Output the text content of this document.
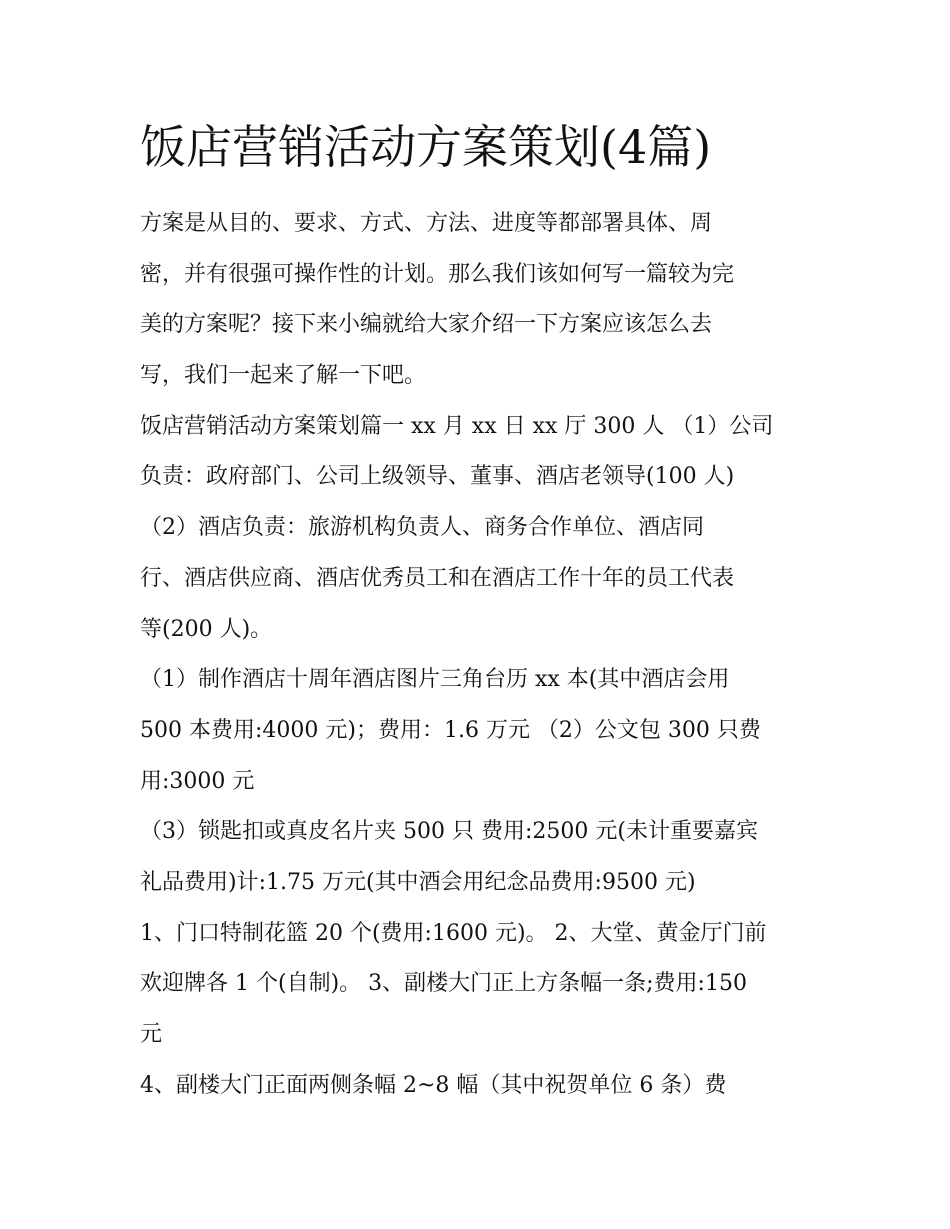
饭店营销活动方案策划(4篇)
方案是从目的、要求、方式、方法、进度等都部署具体、周
密，并有很强可操作性的计划。那么我们该如何写一篇较为完
美的方案呢？接下来小编就给大家介绍一下方案应该怎么去
写，我们一起来了解一下吧。
饭店营销活动方案策划篇一 xx 月 xx 日 xx 厅 300 人 （1）公司
负责：政府部门、公司上级领导、董事、酒店老领导(100 人)
（2）酒店负责：旅游机构负责人、商务合作单位、酒店同
行、酒店供应商、酒店优秀员工和在酒店工作十年的员工代表
等(200 人)。
（1）制作酒店十周年酒店图片三角台历 xx 本(其中酒店会用
500 本费用:4000 元)；费用：1.6 万元 （2）公文包 300 只费
用:3000 元
（3）锁匙扣或真皮名片夹 500 只 费用:2500 元(未计重要嘉宾
礼品费用)计:1.75 万元(其中酒会用纪念品费用:9500 元)
1、门口特制花篮 20 个(费用:1600 元)。 2、大堂、黄金厅门前
欢迎牌各 1 个(自制)。 3、副楼大门正上方条幅一条;费用:150
元
4、副楼大门正面两侧条幅 2~8 幅（其中祝贺单位 6 条）费
